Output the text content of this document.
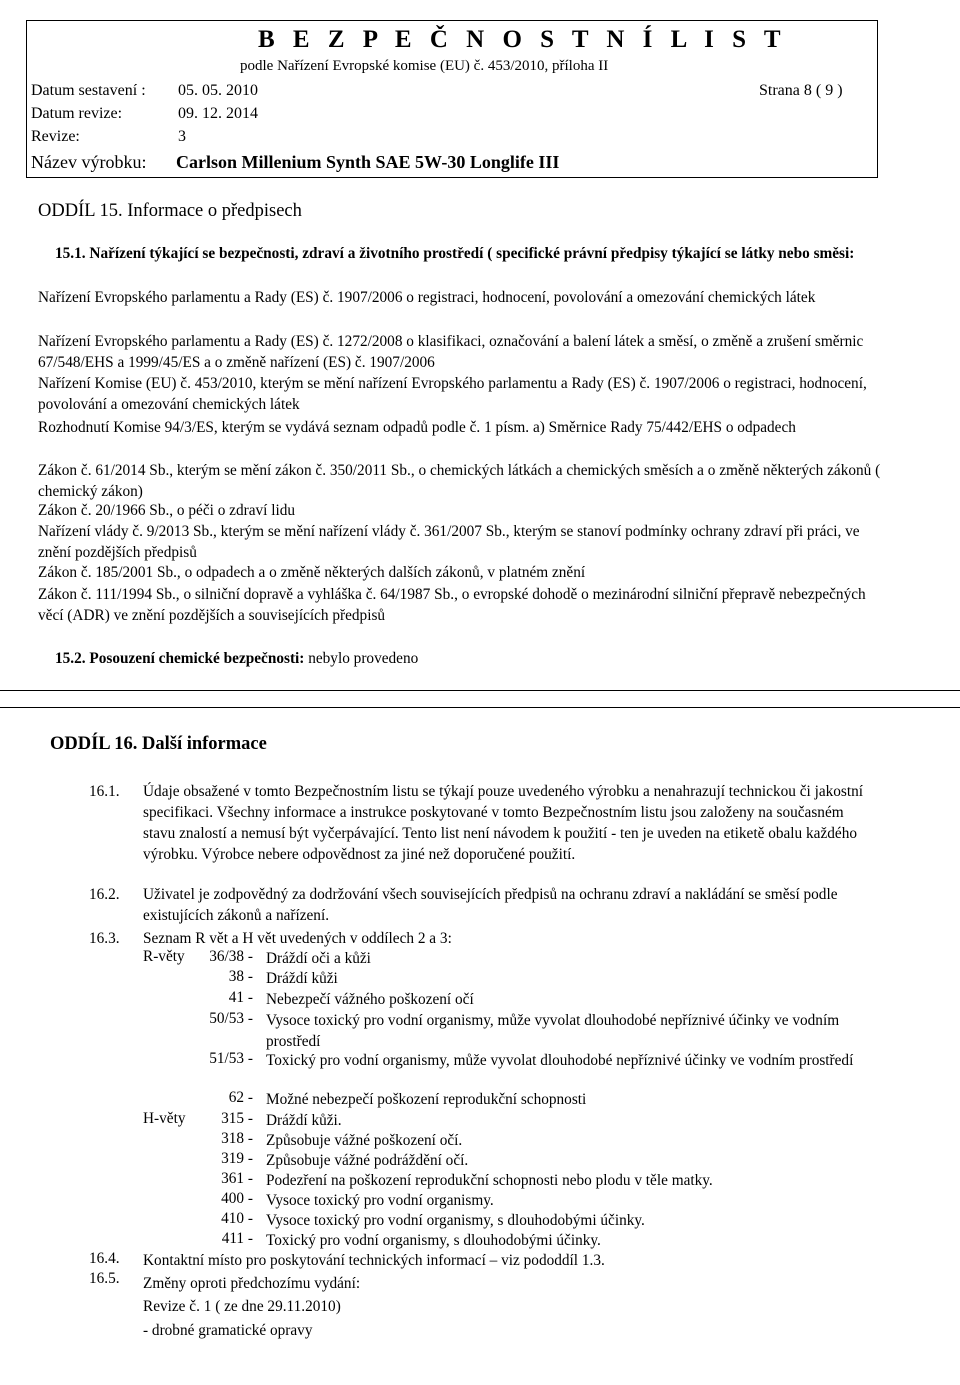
B E Z P E Č N O S T N Í L I S T
podle Nařízení Evropské komise (EU) č. 453/2010, příloha II
Datum sestavení : 05. 05. 2010	Strana 8 ( 9 )
Datum revize:	09. 12. 2014
Revize:	3
Název výrobku: Carlson Millenium Synth SAE 5W-30 Longlife III
ODDÍL 15. Informace o předpisech
15.1. Nařízení týkající se bezpečnosti, zdraví a životního prostředí ( specifické právní předpisy týkající se látky nebo směsi:
Nařízení Evropského parlamentu a Rady (ES) č. 1907/2006 o registraci, hodnocení, povolování a omezování chemických látek
Nařízení Evropského parlamentu a Rady (ES) č. 1272/2008 o klasifikaci, označování a balení látek a směsí, o změně a zrušení směrnic 67/548/EHS a 1999/45/ES a o změně nařízení (ES) č. 1907/2006
Nařízení Komise (EU) č. 453/2010, kterým se mění nařízení Evropského parlamentu a Rady (ES) č. 1907/2006 o registraci, hodnocení, povolování a omezování chemických látek
Rozhodnutí Komise 94/3/ES, kterým se vydává seznam odpadů podle č. 1 písm. a) Směrnice Rady 75/442/EHS o odpadech
Zákon č. 61/2014 Sb., kterým se mění zákon č. 350/2011 Sb., o chemických látkách a chemických směsích a o změně některých zákonů ( chemický zákon)
Zákon č. 20/1966 Sb., o péči o zdraví lidu
Nařízení vlády č. 9/2013 Sb., kterým se mění nařízení vlády č. 361/2007 Sb., kterým se stanoví podmínky ochrany zdraví při práci, ve znění pozdějších předpisů
Zákon č. 185/2001 Sb., o odpadech a o změně některých dalších zákonů, v platném znění
Zákon č. 111/1994 Sb., o silniční dopravě a vyhláška č. 64/1987 Sb., o evropské dohodě o mezinárodní silniční přepravě nebezpečných věcí (ADR) ve znění pozdějších a souvisejících předpisů
15.2. Posouzení chemické bezpečnosti: nebylo provedeno
ODDÍL 16. Další informace
16.1. Údaje obsažené v tomto Bezpečnostním listu se týkají pouze uvedeného výrobku a nenahrazují technickou či jakostní specifikaci. Všechny informace a instrukce poskytované v tomto Bezpečnostním listu jsou založeny na současném stavu znalostí a nemusí být vyčerpávající. Tento list není návodem k použití - ten je uveden na etiketě obalu každého výrobku. Výrobce nebere odpovědnost za jiné než doporučené použití.
16.2. Uživatel je zodpovědný za dodržování všech souvisejících předpisů na ochranu zdraví a nakládání se směsí podle existujících zákonů a nařízení.
16.3. Seznam R vět a H vět uvedených v oddílech 2 a 3:
R-věty	36/38 - Dráždí oči a kůži
38 - Dráždí kůži
41 - Nebezpečí vážného poškození očí
50/53 - Vysoce toxický pro vodní organismy, může vyvolat dlouhodobé nepříznivé účinky ve vodním prostředí
51/53 - Toxický pro vodní organismy, může vyvolat dlouhodobé nepříznivé účinky ve vodním prostředí
62 - Možné nebezpečí poškození reprodukční schopnosti
H-věty	315 - Dráždí kůži.
318 - Způsobuje vážné poškození očí.
319 - Způsobuje vážné podráždění očí.
361 - Podezření na poškození reprodukční schopnosti nebo plodu v těle matky.
400 - Vysoce toxický pro vodní organismy.
410 - Vysoce toxický pro vodní organismy, s dlouhodobými účinky.
411 - Toxický pro vodní organismy, s dlouhodobými účinky.
16.4. Kontaktní místo pro poskytování technických informací – viz pododdíl 1.3.
16.5. Změny oproti předchozímu vydání:
Revize č. 1 ( ze dne 29.11.2010)
- drobné gramatické opravy
